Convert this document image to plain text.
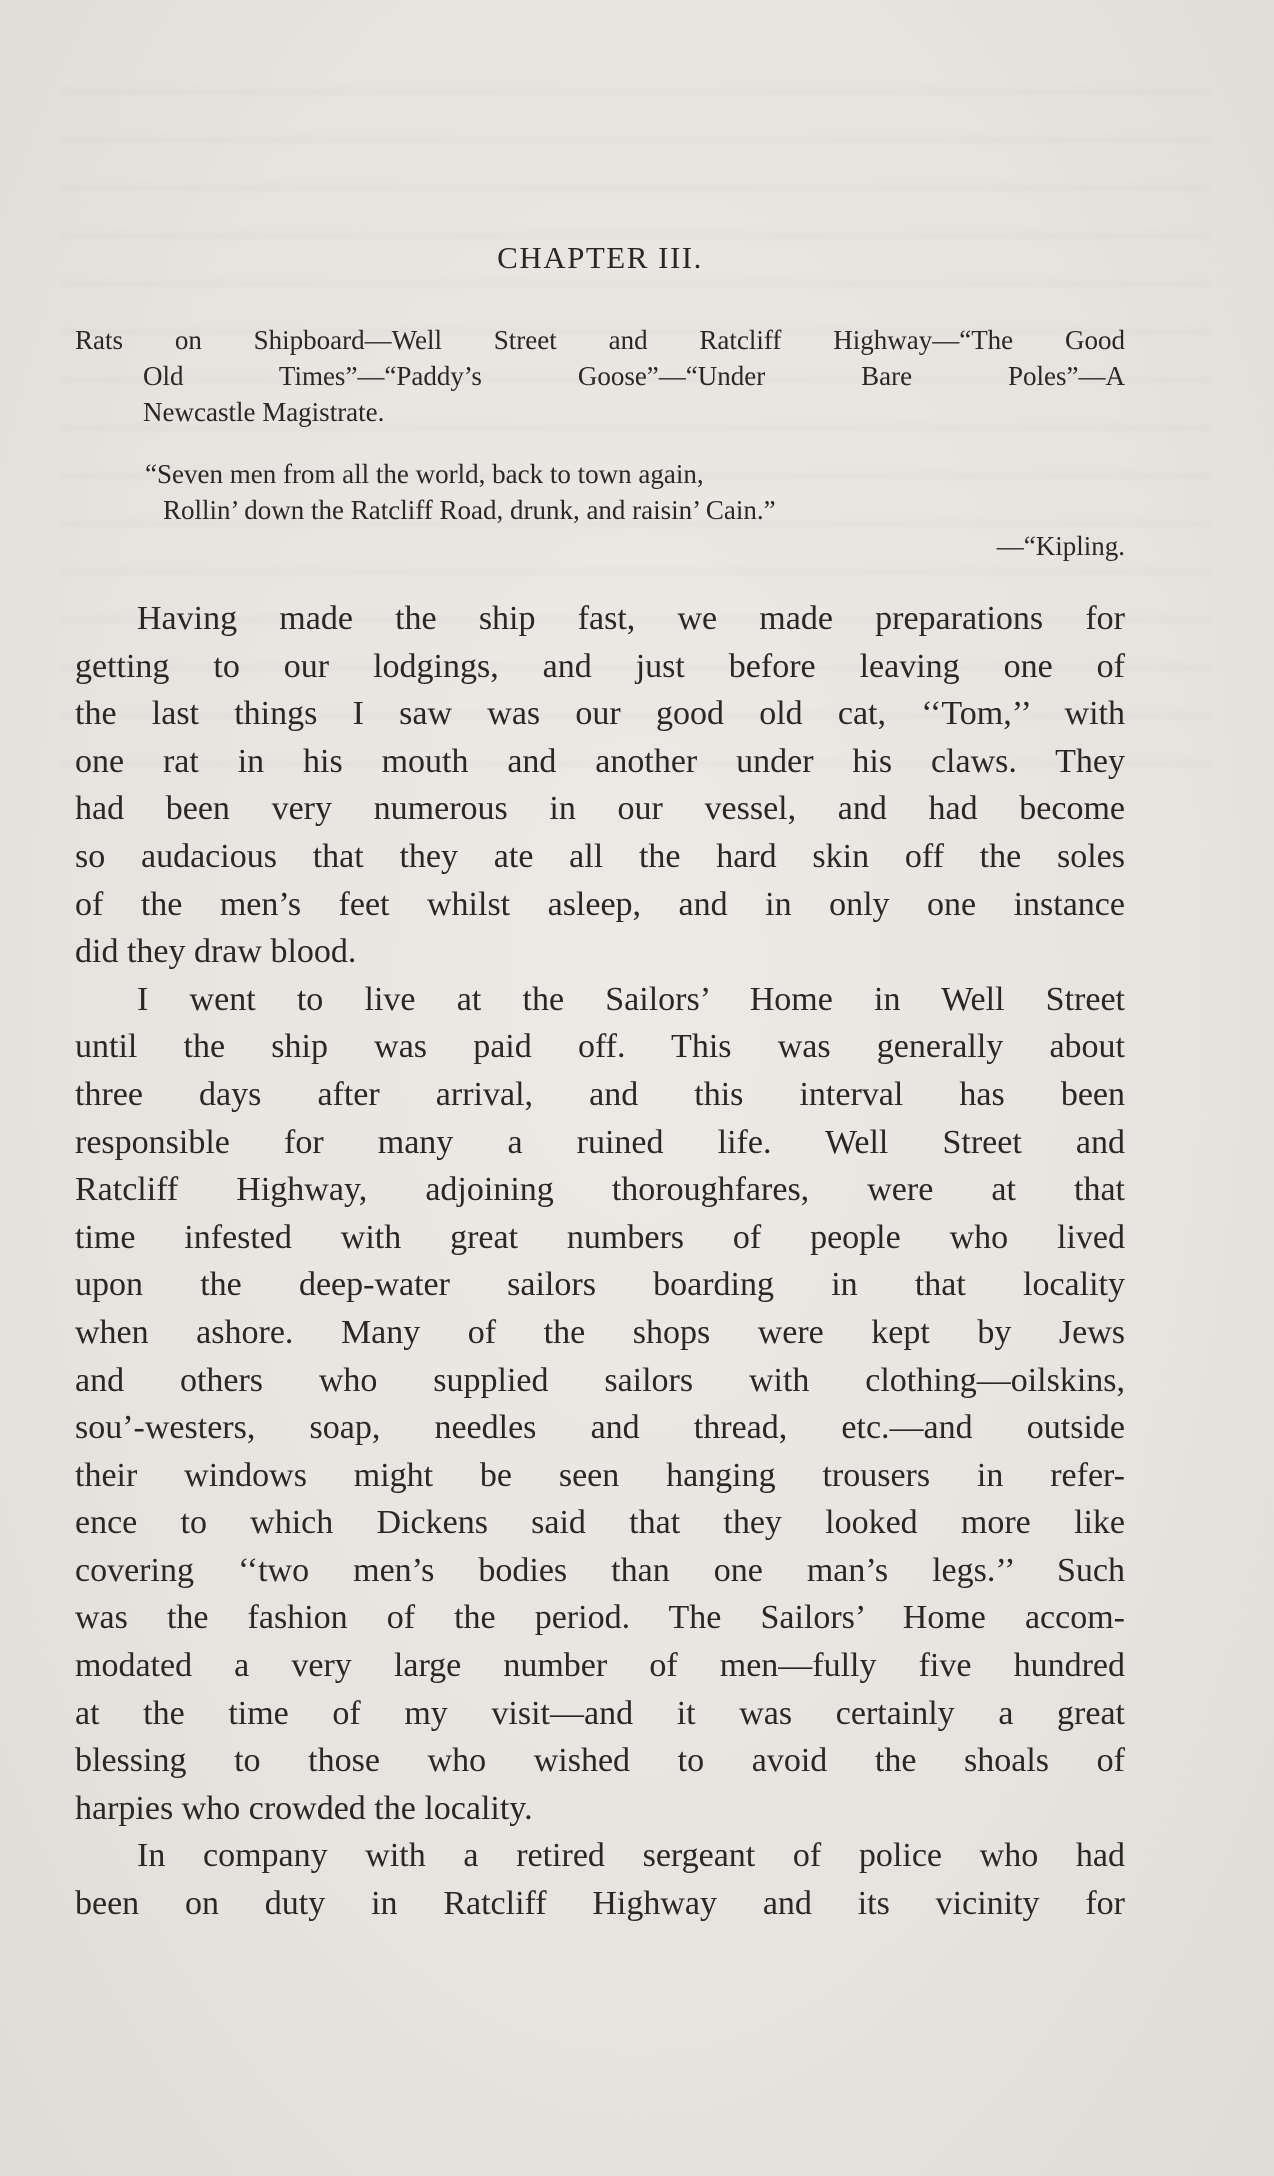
CHAPTER III.
Rats on Shipboard—Well Street and Ratcliff Highway—“The Good
Old Times”—“Paddy’s Goose”—“Under Bare Poles”—A
Newcastle Magistrate.
“Seven men from all the world, back to town again,
Rollin’ down the Ratcliff Road, drunk, and raisin’ Cain.”
—“Kipling.
Having made the ship fast, we made preparations for
getting to our lodgings, and just before leaving one of
the last things I saw was our good old cat, ‘‘Tom,’’ with
one rat in his mouth and another under his claws. They
had been very numerous in our vessel, and had become
so audacious that they ate all the hard skin off the soles
of the men’s feet whilst asleep, and in only one instance
did they draw blood.
I went to live at the Sailors’ Home in Well Street
until the ship was paid off. This was generally about
three days after arrival, and this interval has been
responsible for many a ruined life. Well Street and
Ratcliff Highway, adjoining thoroughfares, were at that
time infested with great numbers of people who lived
upon the deep-water sailors boarding in that locality
when ashore. Many of the shops were kept by Jews
and others who supplied sailors with clothing—oilskins,
sou’-westers, soap, needles and thread, etc.—and outside
their windows might be seen hanging trousers in refer-
ence to which Dickens said that they looked more like
covering ‘‘two men’s bodies than one man’s legs.’’ Such
was the fashion of the period. The Sailors’ Home accom-
modated a very large number of men—fully five hundred
at the time of my visit—and it was certainly a great
blessing to those who wished to avoid the shoals of
harpies who crowded the locality.
In company with a retired sergeant of police who had
been on duty in Ratcliff Highway and its vicinity for
